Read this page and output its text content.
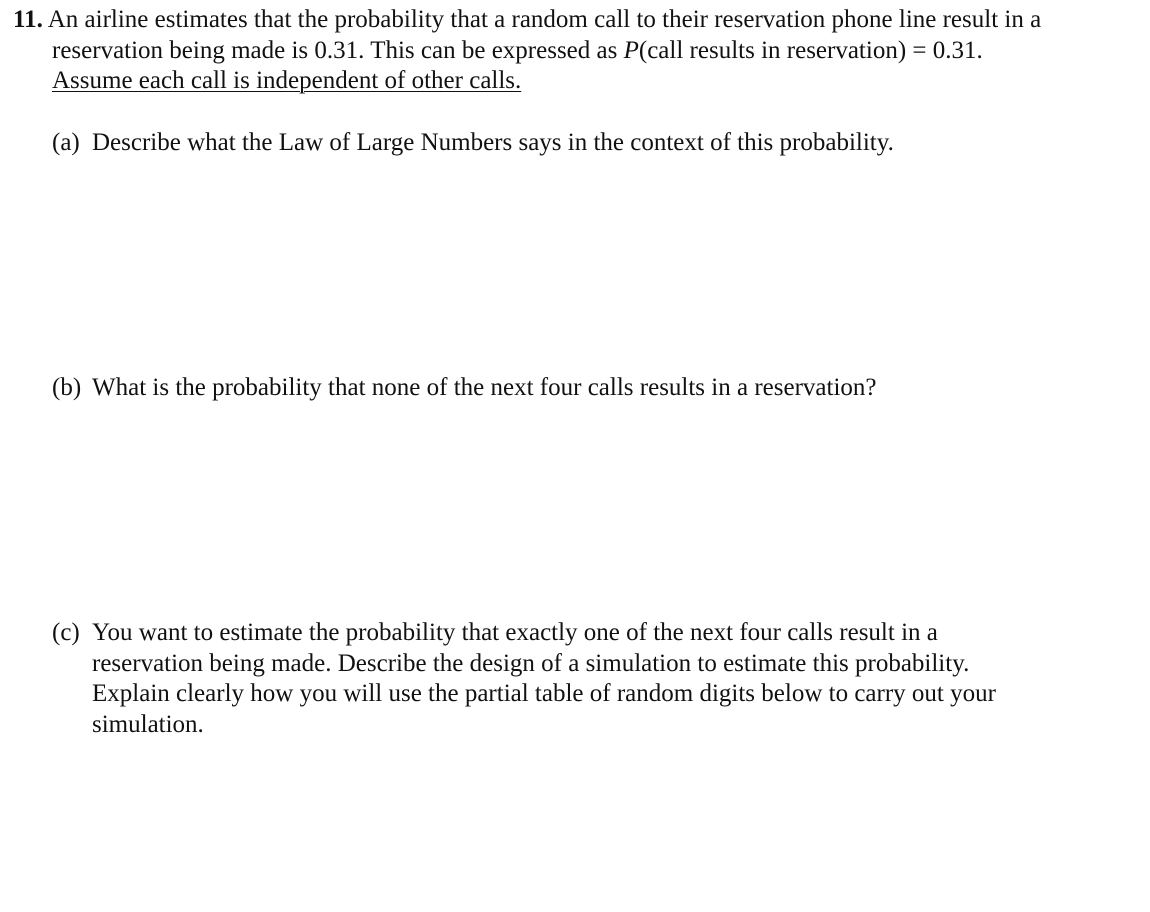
11. An airline estimates that the probability that a random call to their reservation phone line result in a
reservation being made is 0.31. This can be expressed as P(call results in reservation) = 0.31.
Assume each call is independent of other calls.
(a) Describe what the Law of Large Numbers says in the context of this probability.
(b) What is the probability that none of the next four calls results in a reservation?
(c) You want to estimate the probability that exactly one of the next four calls result in a
reservation being made. Describe the design of a simulation to estimate this probability.
Explain clearly how you will use the partial table of random digits below to carry out your
simulation.
